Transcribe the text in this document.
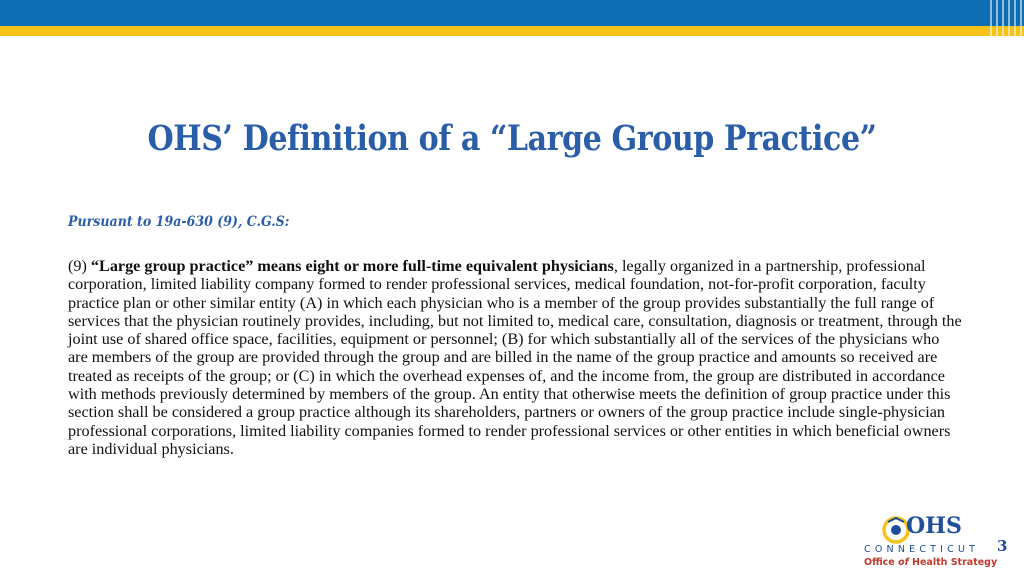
OHS’ Definition of a “Large Group Practice”
Pursuant to 19a-630 (9), C.G.S:

(9) “Large group practice” means eight or more full-time equivalent physicians, legally organized in a partnership, professional corporation, limited liability company formed to render professional services, medical foundation, not-for-profit corporation, faculty practice plan or other similar entity (A) in which each physician who is a member of the group provides substantially the full range of services that the physician routinely provides, including, but not limited to, medical care, consultation, diagnosis or treatment, through the joint use of shared office space, facilities, equipment or personnel; (B) for which substantially all of the services of the physicians who are members of the group are provided through the group and are billed in the name of the group practice and amounts so received are treated as receipts of the group; or (C) in which the overhead expenses of, and the income from, the group are distributed in accordance with methods previously determined by members of the group. An entity that otherwise meets the definition of group practice under this section shall be considered a group practice although its shareholders, partners or owners of the group practice include single-physician professional corporations, limited liability companies formed to render professional services or other entities in which beneficial owners are individual physicians.

OHS
CONNECTICUT
Office of Health Strategy
3
